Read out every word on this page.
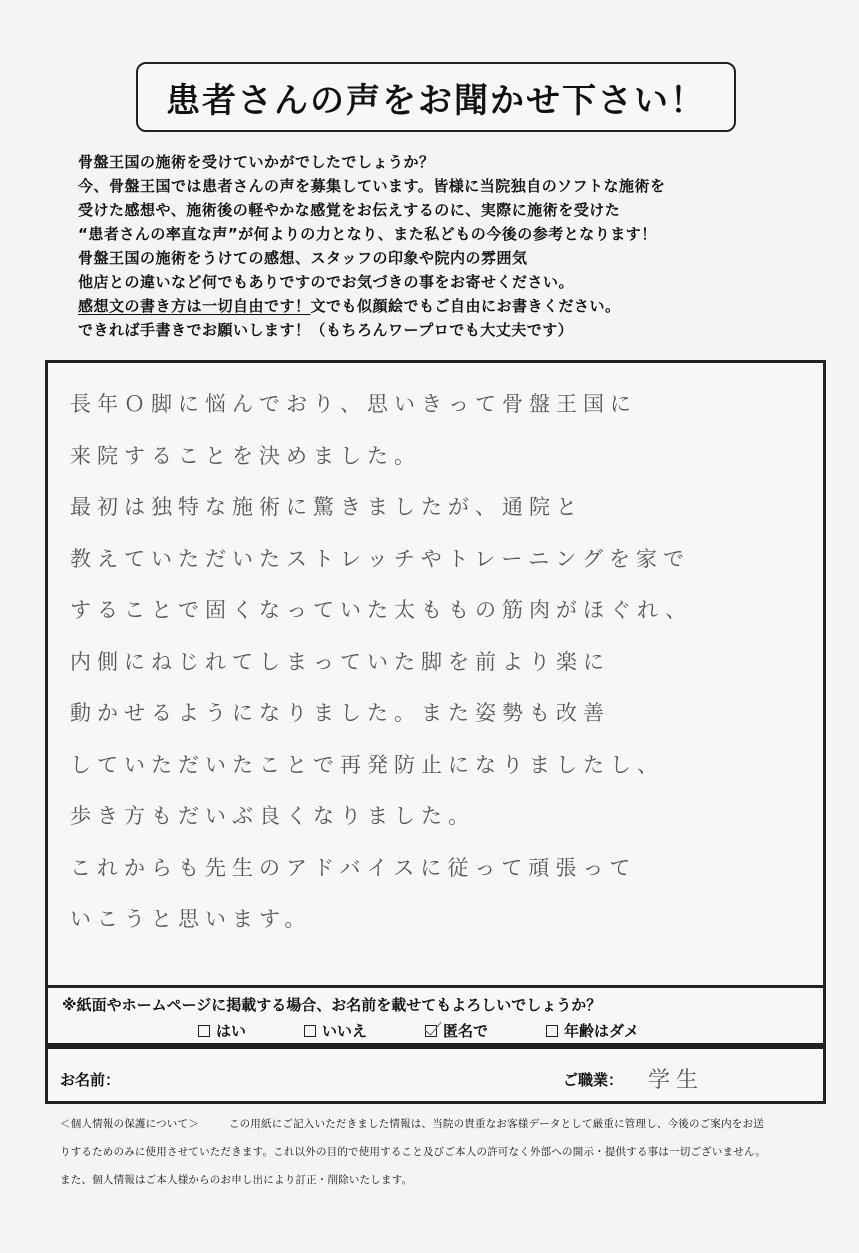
患者さんの声をお聞かせ下さい！
骨盤王国の施術を受けていかがでしたでしょうか？
今、骨盤王国では患者さんの声を募集しています。皆様に当院独自のソフトな施術を
受けた感想や、施術後の軽やかな感覚をお伝えするのに、実際に施術を受けた
“患者さんの率直な声”が何よりの力となり、また私どもの今後の参考となります！
骨盤王国の施術をうけての感想、スタッフの印象や院内の雰囲気
他店との違いなど何でもありですのでお気づきの事をお寄せください。
感想文の書き方は一切自由です！文でも似顔絵でもご自由にお書きください。
できれば手書きでお願いします！（もちろんワープロでも大丈夫です）
長年Ｏ脚に悩んでおり、思いきって骨盤王国に
来院することを決めました。
最初は独特な施術に驚きましたが、通院と
教えていただいたストレッチやトレーニングを家で
することで固くなっていた太ももの筋肉がほぐれ、
内側にねじれてしまっていた脚を前より楽に
動かせるようになりました。また姿勢も改善
していただいたことで再発防止になりましたし、
歩き方もだいぶ良くなりました。
これからも先生のアドバイスに従って頑張って
いこうと思います。
※紙面やホームページに掲載する場合、お名前を載せてもよろしいでしょうか？
はい	いいえ	匿名で	年齢はダメ
お名前：	ご職業： 学生
＜個人情報の保護について＞	この用紙にご記入いただきました情報は、当院の貴重なお客様データとして厳重に管理し、今後のご案内をお送
りするためのみに使用させていただきます。これ以外の目的で使用すること及びご本人の許可なく外部への開示・提供する事は一切ございません。
また、個人情報はご本人様からのお申し出により訂正・削除いたします。
